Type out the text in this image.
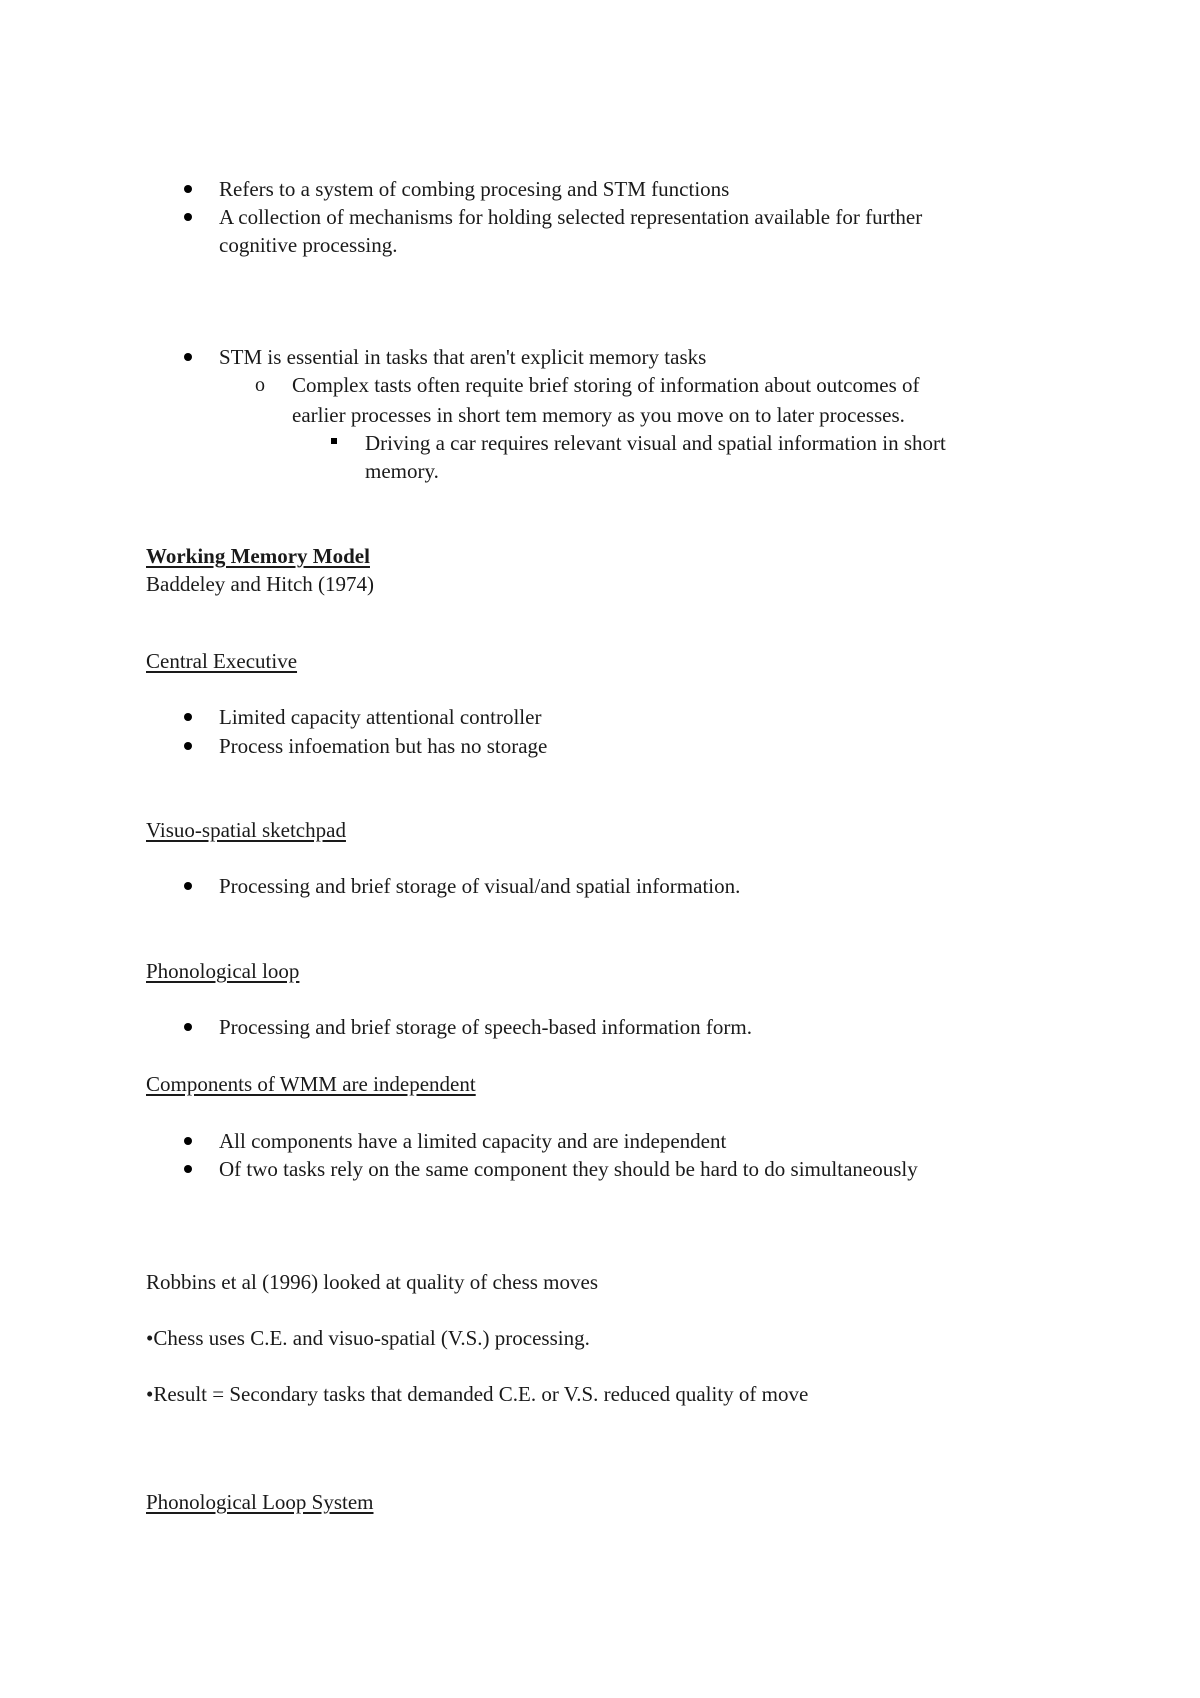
Refers to a system of combing procesing and STM functions
A collection of mechanisms for holding selected representation available for further
cognitive processing.
STM is essential in tasks that aren't explicit memory tasks
o Complex tasts often requite brief storing of information about outcomes of
earlier processes in short tem memory as you move on to later processes.
Driving a car requires relevant visual and spatial information in short
memory.
Working Memory Model
Baddeley and Hitch (1974)
Central Executive
Limited capacity attentional controller
Process infoemation but has no storage
Visuo-spatial sketchpad
Processing and brief storage of visual/and spatial information.
Phonological loop
Processing and brief storage of speech-based information form.
Components of WMM are independent
All components have a limited capacity and are independent
Of two tasks rely on the same component they should be hard to do simultaneously
Robbins et al (1996) looked at quality of chess moves
•Chess uses C.E. and visuo-spatial (V.S.) processing.
•Result = Secondary tasks that demanded C.E. or V.S. reduced quality of move
Phonological Loop System
